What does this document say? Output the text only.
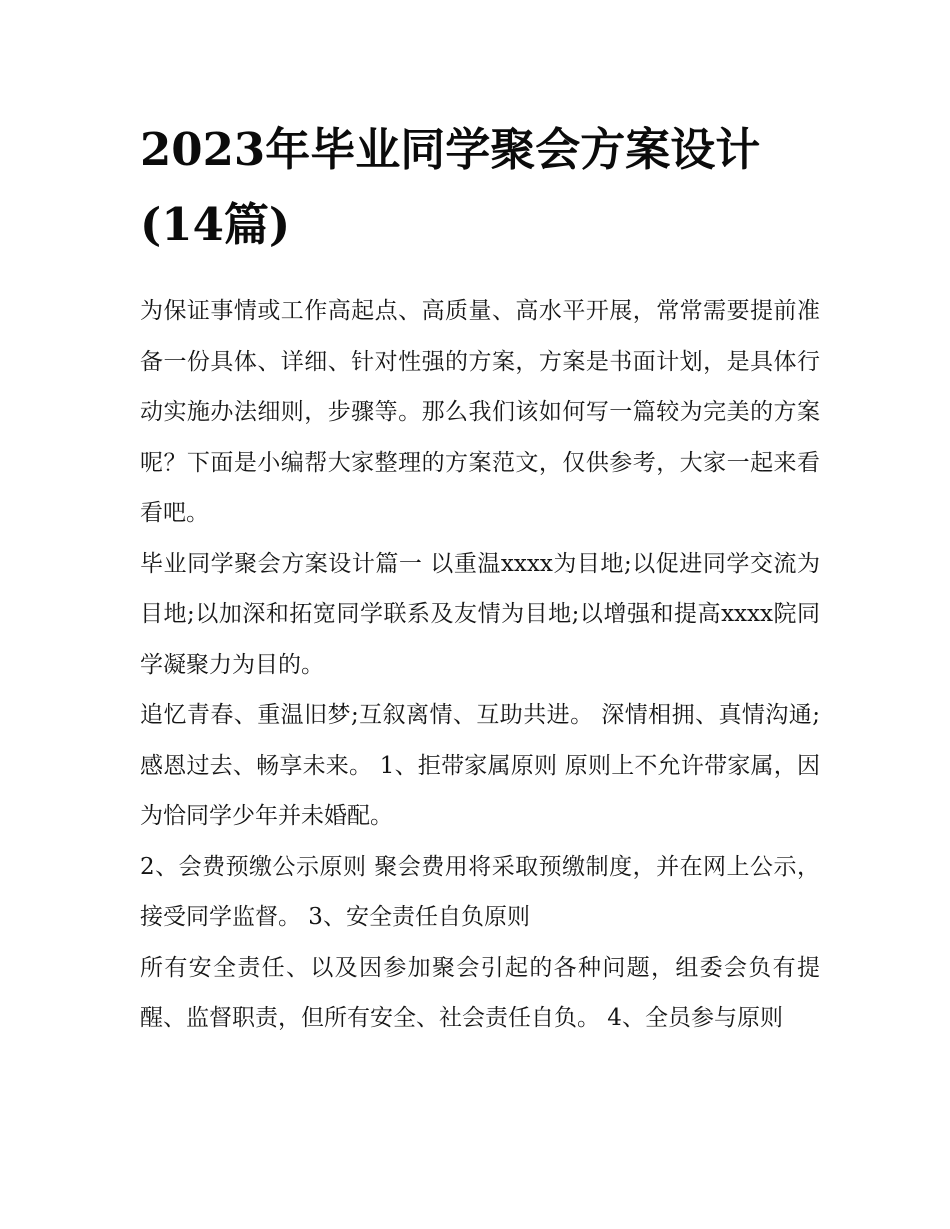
2023年毕业同学聚会方案设计(14篇)

为保证事情或工作高起点、高质量、高水平开展，常常需要提前准备一份具体、详细、针对性强的方案，方案是书面计划，是具体行动实施办法细则，步骤等。那么我们该如何写一篇较为完美的方案呢？下面是小编帮大家整理的方案范文，仅供参考，大家一起来看看吧。

毕业同学聚会方案设计篇一 以重温xxxx为目地;以促进同学交流为目地;以加深和拓宽同学联系及友情为目地;以增强和提高xxxx院同学凝聚力为目的。

追忆青春、重温旧梦;互叙离情、互助共进。 深情相拥、真情沟通;感恩过去、畅享未来。 1、拒带家属原则 原则上不允许带家属，因为恰同学少年并未婚配。

2、会费预缴公示原则 聚会费用将采取预缴制度，并在网上公示，接受同学监督。 3、安全责任自负原则

所有安全责任、以及因参加聚会引起的各种问题，组委会负有提醒、监督职责，但所有安全、社会责任自负。 4、全员参与原则
